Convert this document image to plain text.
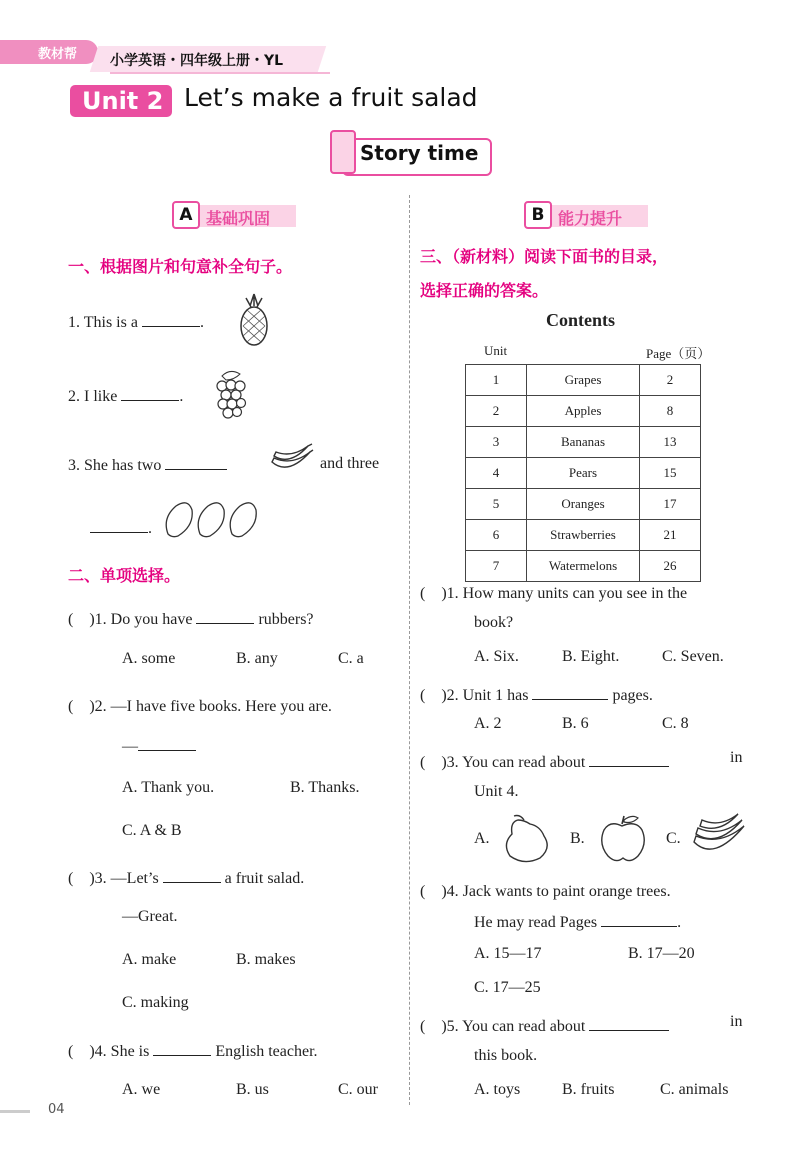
教材帮 小学英语・四年级上册・YL
Unit 2 Let’s make a fruit salad
Story time
A 基础巩固
一、根据图片和句意补全句子。
1. This is a	.
2. I like	.
3. She has two	and three
.
二、单项选择。
(　)1. Do you have	rubbers?
A. some	B. any	C. a
(　)2. —I have five books. Here you are.
—
A. Thank you.	B. Thanks.
C. A & B
(　)3. —Let’s	a fruit salad.
—Great.
A. make	B. makes
C. making
(　)4. She is	English teacher.
A. we	B. us	C. our
B 能力提升
三、（新材料）阅读下面书的目录，
选择正确的答案。
Contents
Unit	Page（页）
1	Grapes	2
2	Apples	8
3	Bananas	13
4	Pears	15
5	Oranges	17
6	Strawberries	21
7	Watermelons	26
(　)1. How many units can you see in the
book?
A. Six.	B. Eight.	C. Seven.
(　)2. Unit 1 has	pages.
A. 2	B. 6	C. 8
(　)3. You can read about	in
Unit 4.
A.	B.	C.
(　)4. Jack wants to paint orange trees.
He may read Pages	.
A. 15—17	B. 17—20
C. 17—25
(　)5. You can read about	in
this book.
A. toys	B. fruits	C. animals
04
